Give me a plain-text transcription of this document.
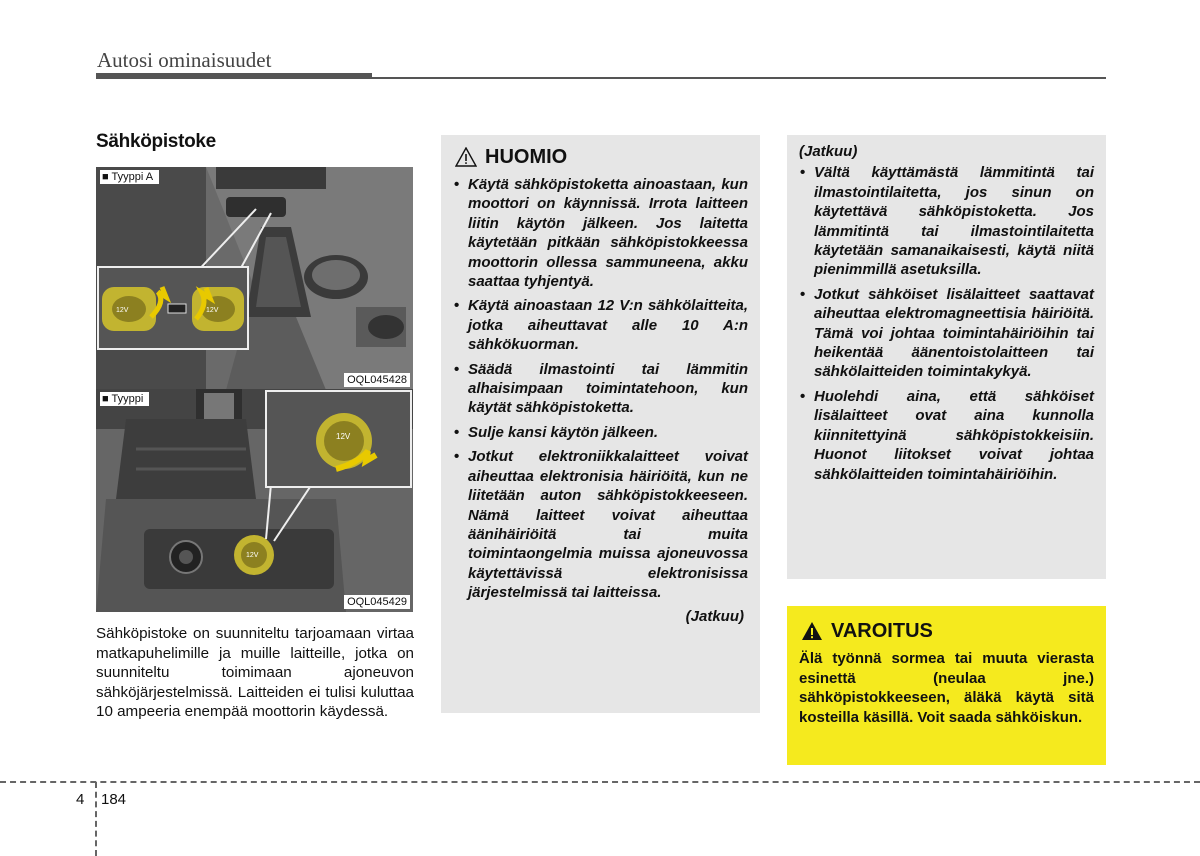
Autosi ominaisuudet
Sähköpistoke
12V	12V
■ Tyyppi A
OQL045428
12V
12V
■ Tyyppi
OQL045429
Sähköpistoke on suunniteltu tarjoamaan virtaa matkapuhelimille ja muille laitteille, jotka on suunniteltu toimimaan ajoneuvon sähköjärjestelmissä. Laitteiden ei tulisi kuluttaa 10 ampeeria enempää moottorin käydessä.
HUOMIO
• Käytä sähköpistoketta ainoastaan, kun moottori on käynnissä. Irrota laitteen liitin käytön jälkeen. Jos laitetta käytetään pitkään sähköpistokkeessa moottorin ollessa sammuneena, akku saattaa tyhjentyä.
• Käytä ainoastaan 12 V:n sähkölaitteita, jotka aiheuttavat alle 10 A:n sähkökuorman.
• Säädä ilmastointi tai lämmitin alhaisimpaan toimintatehoon, kun käytät sähköpistoketta.
• Sulje kansi käytön jälkeen.
• Jotkut elektroniikkalaitteet voivat aiheuttaa elektronisia häiriöitä, kun ne liitetään auton sähköpistokkeeseen. Nämä laitteet voivat aiheuttaa äänihäiriöitä tai muita toimintaongelmia muissa ajoneuvossa käytettävissä elektronisissa järjestelmissä tai laitteissa.
(Jatkuu)
(Jatkuu)
• Vältä käyttämästä lämmitintä tai ilmastointilaitetta, jos sinun on käytettävä sähköpistoketta. Jos lämmitintä tai ilmastointilaitetta käytetään samanaikaisesti, käytä niitä pienimmillä asetuksilla.
• Jotkut sähköiset lisälaitteet saattavat aiheuttaa elektromagneettisia häiriöitä. Tämä voi johtaa toimintahäiriöihin tai heikentää äänentoistolaitteen tai sähkölaitteiden toimintakykyä.
• Huolehdi aina, että sähköiset lisälaitteet ovat aina kunnolla kiinnitettyinä sähköpistokkeisiin. Huonot liitokset voivat johtaa sähkölaitteiden toimintahäiriöihin.
VAROITUS
Älä työnnä sormea tai muuta vierasta esinettä (neulaa jne.) sähköpistokkeeseen, äläkä käytä sitä kosteilla käsillä. Voit saada sähköiskun.
4 184
